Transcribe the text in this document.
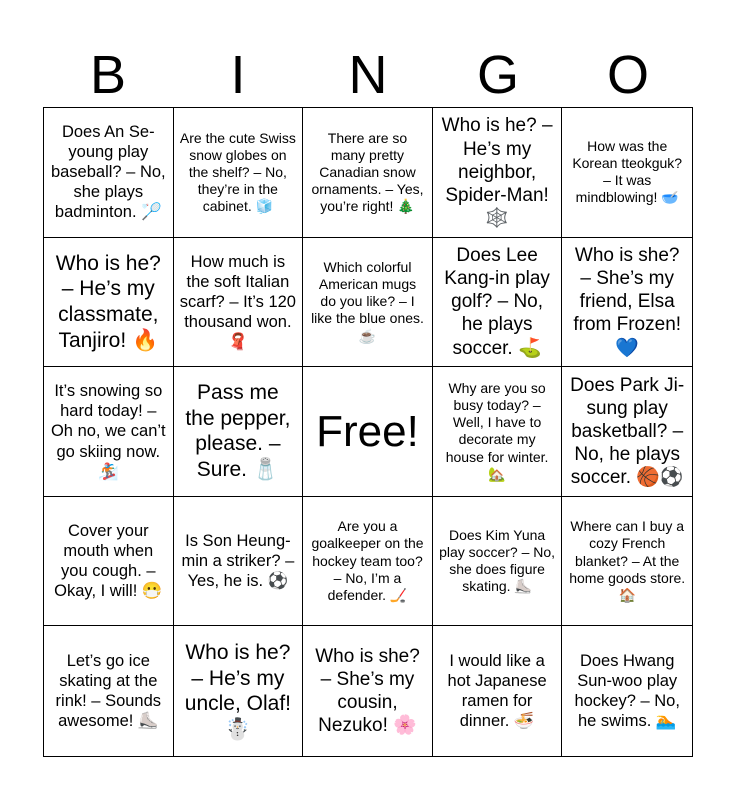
B	I	N	G	O
Does An Se-young play baseball? – No, she plays badminton. 🏸
Are the cute Swiss snow globes on the shelf? – No, they’re in the cabinet. 🧊
There are so many pretty Canadian snow ornaments. – Yes, you’re right! 🎄
Who is he? – He’s my neighbor, Spider-Man! 🕸️
How was the Korean tteokguk? – It was mindblowing! 🥣
Who is he? – He’s my classmate, Tanjiro! 🔥
How much is the soft Italian scarf? – It’s 120 thousand won. 🧣
Which colorful American mugs do you like? – I like the blue ones. ☕
Does Lee Kang-in play golf? – No, he plays soccer. ⛳
Who is she? – She’s my friend, Elsa from Frozen! 💙
It’s snowing so hard today! – Oh no, we can’t go skiing now. 🏂
Pass me the pepper, please. – Sure. 🧂
Free!
Why are you so busy today? – Well, I have to decorate my house for winter. 🏡
Does Park Ji-sung play basketball? – No, he plays soccer. 🏀⚽
Cover your mouth when you cough. – Okay, I will! 😷
Is Son Heung-min a striker? – Yes, he is. ⚽
Are you a goalkeeper on the hockey team too? – No, I’m a defender. 🏒
Does Kim Yuna play soccer? – No, she does figure skating. ⛸️
Where can I buy a cozy French blanket? – At the home goods store. 🏠
Let’s go ice skating at the rink! – Sounds awesome! ⛸️
Who is he? – He’s my uncle, Olaf! ☃️
Who is she? – She’s my cousin, Nezuko! 🌸
I would like a hot Japanese ramen for dinner. 🍜
Does Hwang Sun-woo play hockey? – No, he swims. 🏊
